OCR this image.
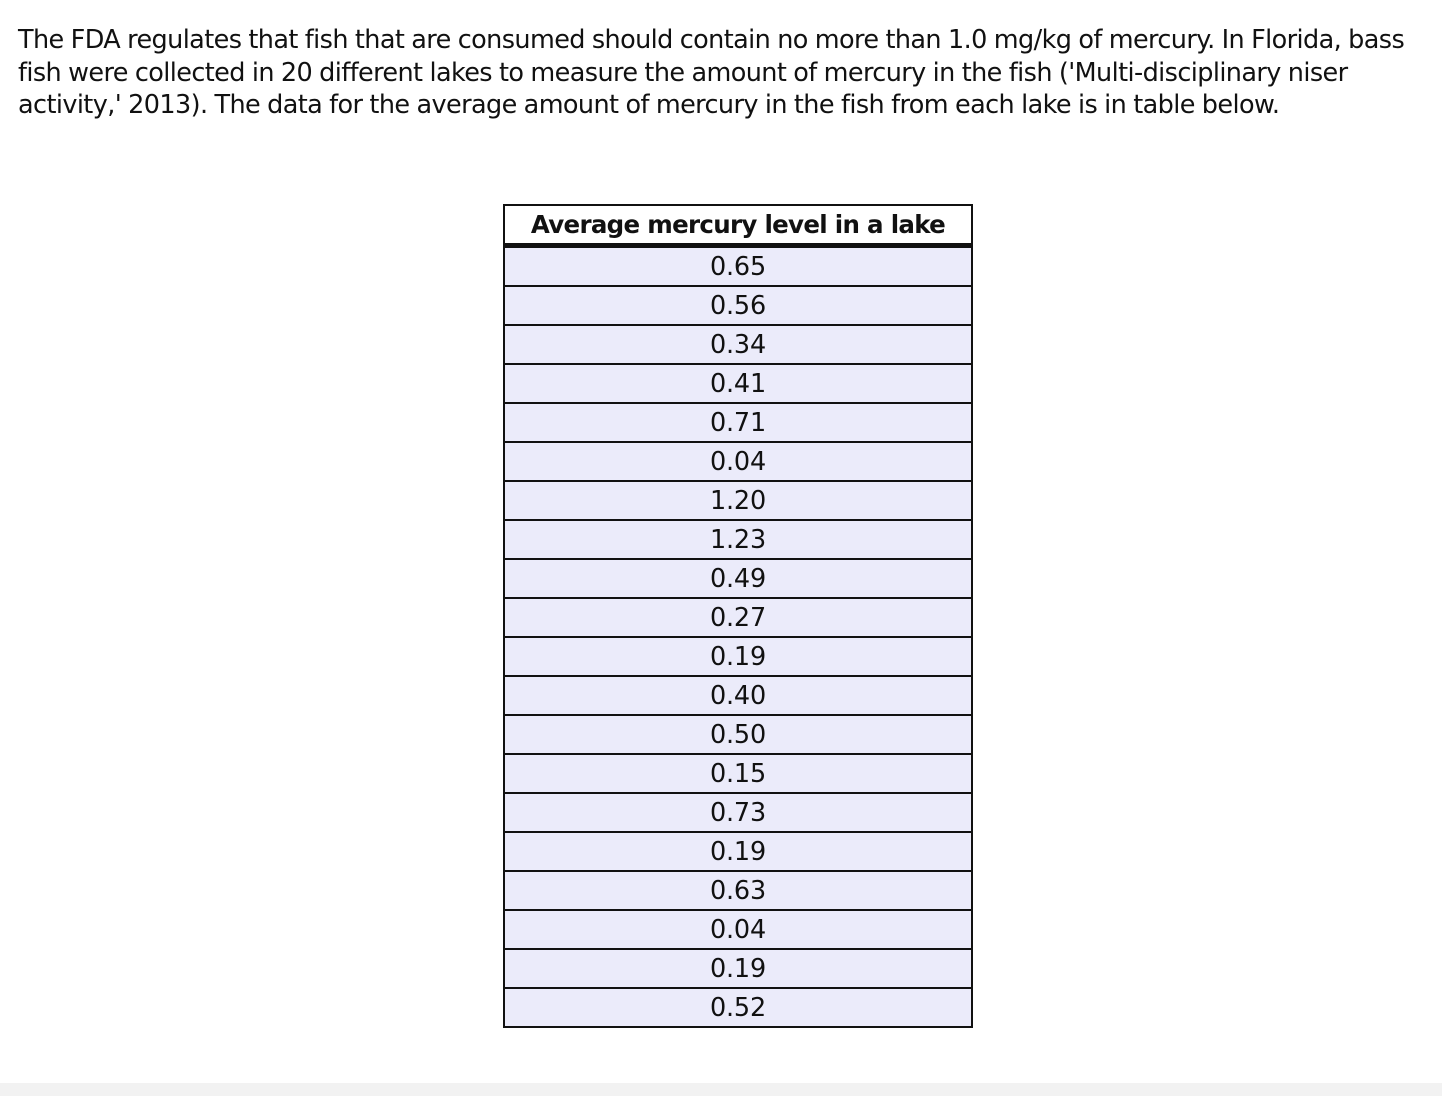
The FDA regulates that fish that are consumed should contain no more than 1.0 mg/kg of mercury. In Florida, bass fish were collected in 20 different lakes to measure the amount of mercury in the fish ('Multi-disciplinary niser activity,' 2013). The data for the average amount of mercury in the fish from each lake is in table below.

Average mercury level in a lake
0.65
0.56
0.34
0.41
0.71
0.04
1.20
1.23
0.49
0.27
0.19
0.40
0.50
0.15
0.73
0.19
0.63
0.04
0.19
0.52
